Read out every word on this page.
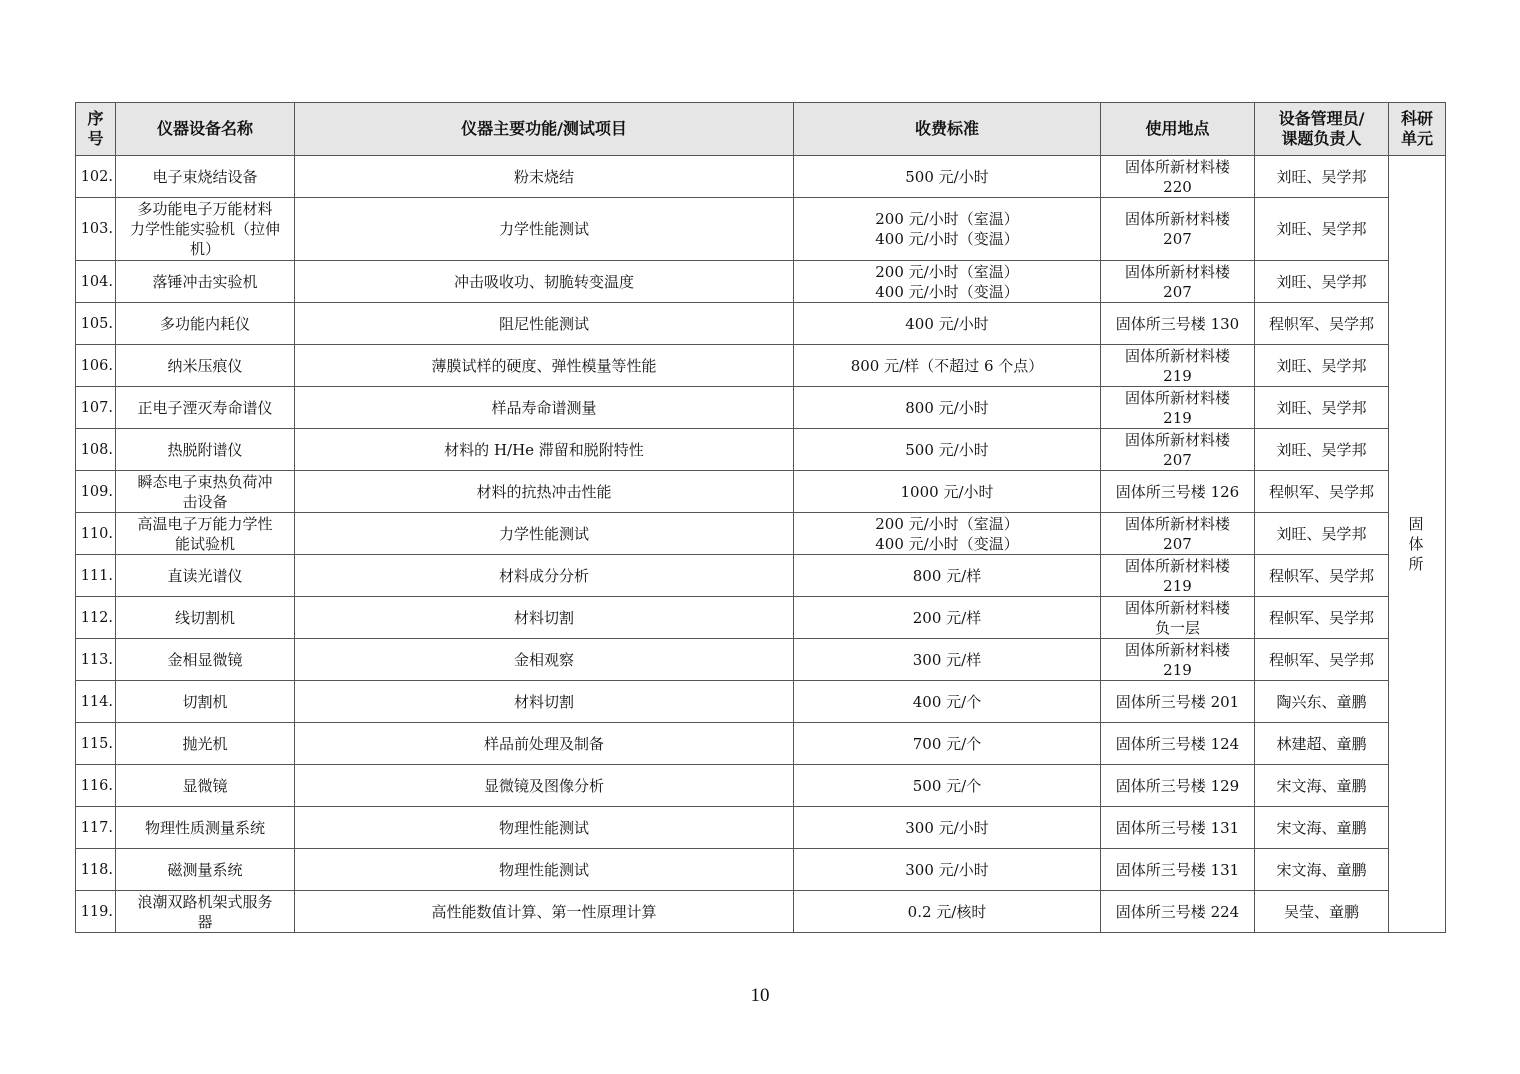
序
号	仪器设备名称	仪器主要功能/测试项目	收费标准	使用地点	设备管理员/
课题负责人	科研
单元
102.	电子束烧结设备	粉末烧结	500 元/小时	固体所新材料楼
220	刘旺、吴学邦	固
体
所
103.	多功能电子万能材料
力学性能实验机（拉伸
机）	力学性能测试	200 元/小时（室温）
400 元/小时（变温）	固体所新材料楼
207	刘旺、吴学邦	
104.	落锤冲击实验机	冲击吸收功、韧脆转变温度	200 元/小时（室温）
400 元/小时（变温）	固体所新材料楼
207	刘旺、吴学邦	
105.	多功能内耗仪	阻尼性能测试	400 元/小时	固体所三号楼 130	程帜军、吴学邦	
106.	纳米压痕仪	薄膜试样的硬度、弹性模量等性能	800 元/样（不超过 6 个点）	固体所新材料楼
219	刘旺、吴学邦	
107.	正电子湮灭寿命谱仪	样品寿命谱测量	800 元/小时	固体所新材料楼
219	刘旺、吴学邦	
108.	热脱附谱仪	材料的 H/He 滞留和脱附特性	500 元/小时	固体所新材料楼
207	刘旺、吴学邦	
109.	瞬态电子束热负荷冲
击设备	材料的抗热冲击性能	1000 元/小时	固体所三号楼 126	程帜军、吴学邦	
110.	高温电子万能力学性
能试验机	力学性能测试	200 元/小时（室温）
400 元/小时（变温）	固体所新材料楼
207	刘旺、吴学邦	
111.	直读光谱仪	材料成分分析	800 元/样	固体所新材料楼
219	程帜军、吴学邦	
112.	线切割机	材料切割	200 元/样	固体所新材料楼
负一层	程帜军、吴学邦	
113.	金相显微镜	金相观察	300 元/样	固体所新材料楼
219	程帜军、吴学邦	
114.	切割机	材料切割	400 元/个	固体所三号楼 201	陶兴东、童鹏	
115.	抛光机	样品前处理及制备	700 元/个	固体所三号楼 124	林建超、童鹏	
116.	显微镜	显微镜及图像分析	500 元/个	固体所三号楼 129	宋文海、童鹏	
117.	物理性质测量系统	物理性能测试	300 元/小时	固体所三号楼 131	宋文海、童鹏	
118.	磁测量系统	物理性能测试	300 元/小时	固体所三号楼 131	宋文海、童鹏	
119.	浪潮双路机架式服务
器	高性能数值计算、第一性原理计算	0.2 元/核时	固体所三号楼 224	吴莹、童鹏	
10
